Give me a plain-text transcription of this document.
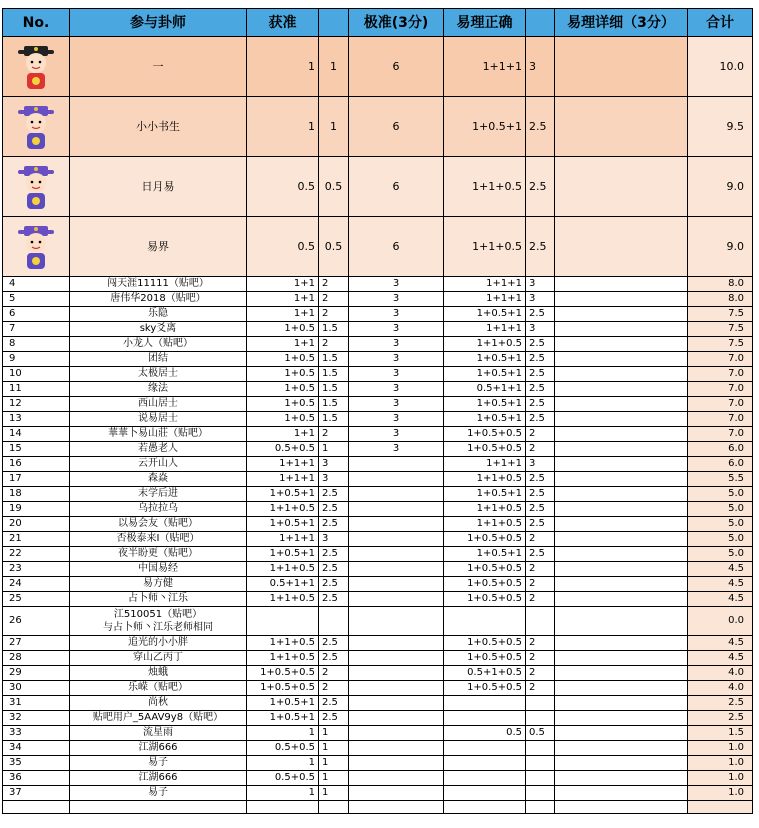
No.	参与卦师	获准		极准(3分)	易理正确		易理详细（3分）	合计

	一	1	1	6	1+1+1	3		10.0

	小小书生	1	1	6	1+0.5+1	2.5		9.5

	日月易	0.5	0.5	6	1+1+0.5	2.5		9.0

	易界	0.5	0.5	6	1+1+0.5	2.5		9.0
4	闯天涯11111（贴吧）	1+1	2	3	1+1+1	3		8.0
5	唐伟华2018（贴吧）	1+1	2	3	1+1+1	3		8.0
6	乐隐	1+1	2	3	1+0.5+1	2.5		7.5
7	sky爻离	1+0.5	1.5	3	1+1+1	3		7.5
8	小龙人（贴吧）	1+1	2	3	1+1+0.5	2.5		7.5
9	团结	1+0.5	1.5	3	1+0.5+1	2.5		7.0
10	太极居士	1+0.5	1.5	3	1+0.5+1	2.5		7.0
11	缘法	1+0.5	1.5	3	0.5+1+1	2.5		7.0
12	西山居士	1+0.5	1.5	3	1+0.5+1	2.5		7.0
13	说易居士	1+0.5	1.5	3	1+0.5+1	2.5		7.0
14	華華卜易山莊（贴吧）	1+1	2	3	1+0.5+0.5	2		7.0
15	若愚老人	0.5+0.5	1	3	1+0.5+0.5	2		6.0
16	云开山人	1+1+1	3		1+1+1	3		6.0
17	森焱	1+1+1	3		1+1+0.5	2.5		5.5
18	末学后进	1+0.5+1	2.5		1+0.5+1	2.5		5.0
19	乌拉拉乌	1+1+0.5	2.5		1+1+0.5	2.5		5.0
20	以易会友（贴吧）	1+0.5+1	2.5		1+1+0.5	2.5		5.0
21	否极泰来I（贴吧）	1+1+1	3		1+0.5+0.5	2		5.0
22	夜半盼更（贴吧）	1+0.5+1	2.5		1+0.5+1	2.5		5.0
23	中国易经	1+1+0.5	2.5		1+0.5+0.5	2		4.5
24	易方健	0.5+1+1	2.5		1+0.5+0.5	2		4.5
25	占卜师丶江乐	1+1+0.5	2.5		1+0.5+0.5	2		4.5
26	江510051（贴吧）
与占卜师丶江乐老师相同							0.0
27	追光的小小胖	1+1+0.5	2.5		1+0.5+0.5	2		4.5
28	穿山乙丙丁	1+1+0.5	2.5		1+0.5+0.5	2		4.5
29	烛蛾	1+0.5+0.5	2		0.5+1+0.5	2		4.0
30	乐嵘（贴吧）	1+0.5+0.5	2		1+0.5+0.5	2		4.0
31	尚秋	1+0.5+1	2.5					2.5
32	贴吧用户_5AAV9y8（贴吧）	1+0.5+1	2.5					2.5
33	流星雨	1	1		0.5	0.5		1.5
34	江湖666	0.5+0.5	1					1.0
35	易子	1	1					1.0
36	江湖666	0.5+0.5	1					1.0
37	易子	1	1					1.0
